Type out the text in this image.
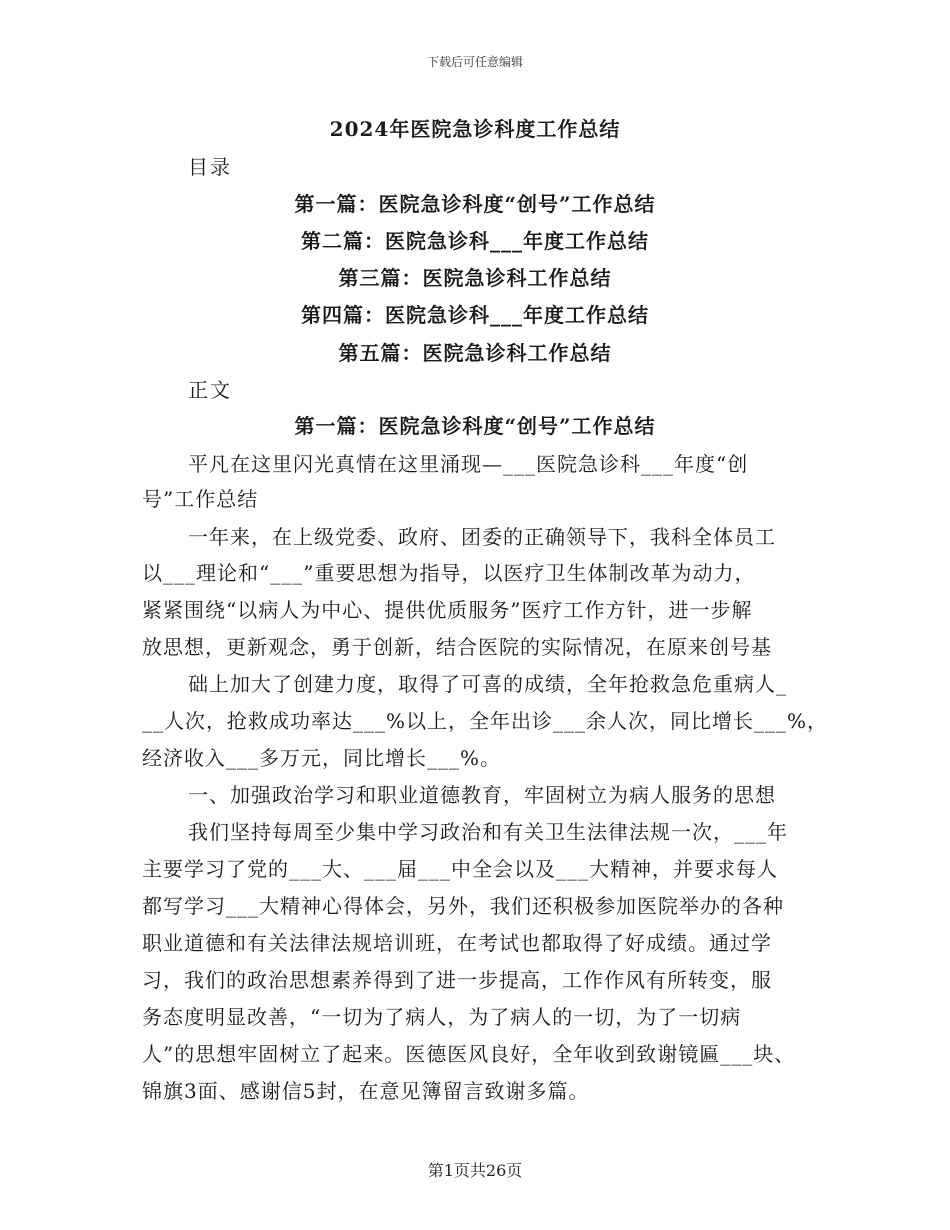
下载后可任意编辑
2024年医院急诊科度工作总结
目录
第一篇：医院急诊科度“创号”工作总结
第二篇：医院急诊科___年度工作总结
第三篇：医院急诊科工作总结
第四篇：医院急诊科___年度工作总结
第五篇：医院急诊科工作总结
正文
第一篇：医院急诊科度“创号”工作总结
平凡在这里闪光真情在这里涌现—___医院急诊科___年度“创
号”工作总结
一年来，在上级党委、政府、团委的正确领导下，我科全体员工
以___理论和“___”重要思想为指导，以医疗卫生体制改革为动力，
紧紧围绕“以病人为中心、提供优质服务”医疗工作方针，进一步解
放思想，更新观念，勇于创新，结合医院的实际情况，在原来创号基
础上加大了创建力度，取得了可喜的成绩，全年抢救急危重病人_
__人次，抢救成功率达___%以上，全年出诊___余人次，同比增长___%，
经济收入___多万元，同比增长___%。
一、加强政治学习和职业道德教育，牢固树立为病人服务的思想
我们坚持每周至少集中学习政治和有关卫生法律法规一次，___年
主要学习了党的___大、___届___中全会以及___大精神，并要求每人
都写学习___大精神心得体会，另外，我们还积极参加医院举办的各种
职业道德和有关法律法规培训班，在考试也都取得了好成绩。通过学
习，我们的政治思想素养得到了进一步提高，工作作风有所转变，服
务态度明显改善，“一切为了病人，为了病人的一切，为了一切病
人”的思想牢固树立了起来。医德医风良好，全年收到致谢镜匾___块、
锦旗3面、感谢信5封，在意见簿留言致谢多篇。
第1页共26页
